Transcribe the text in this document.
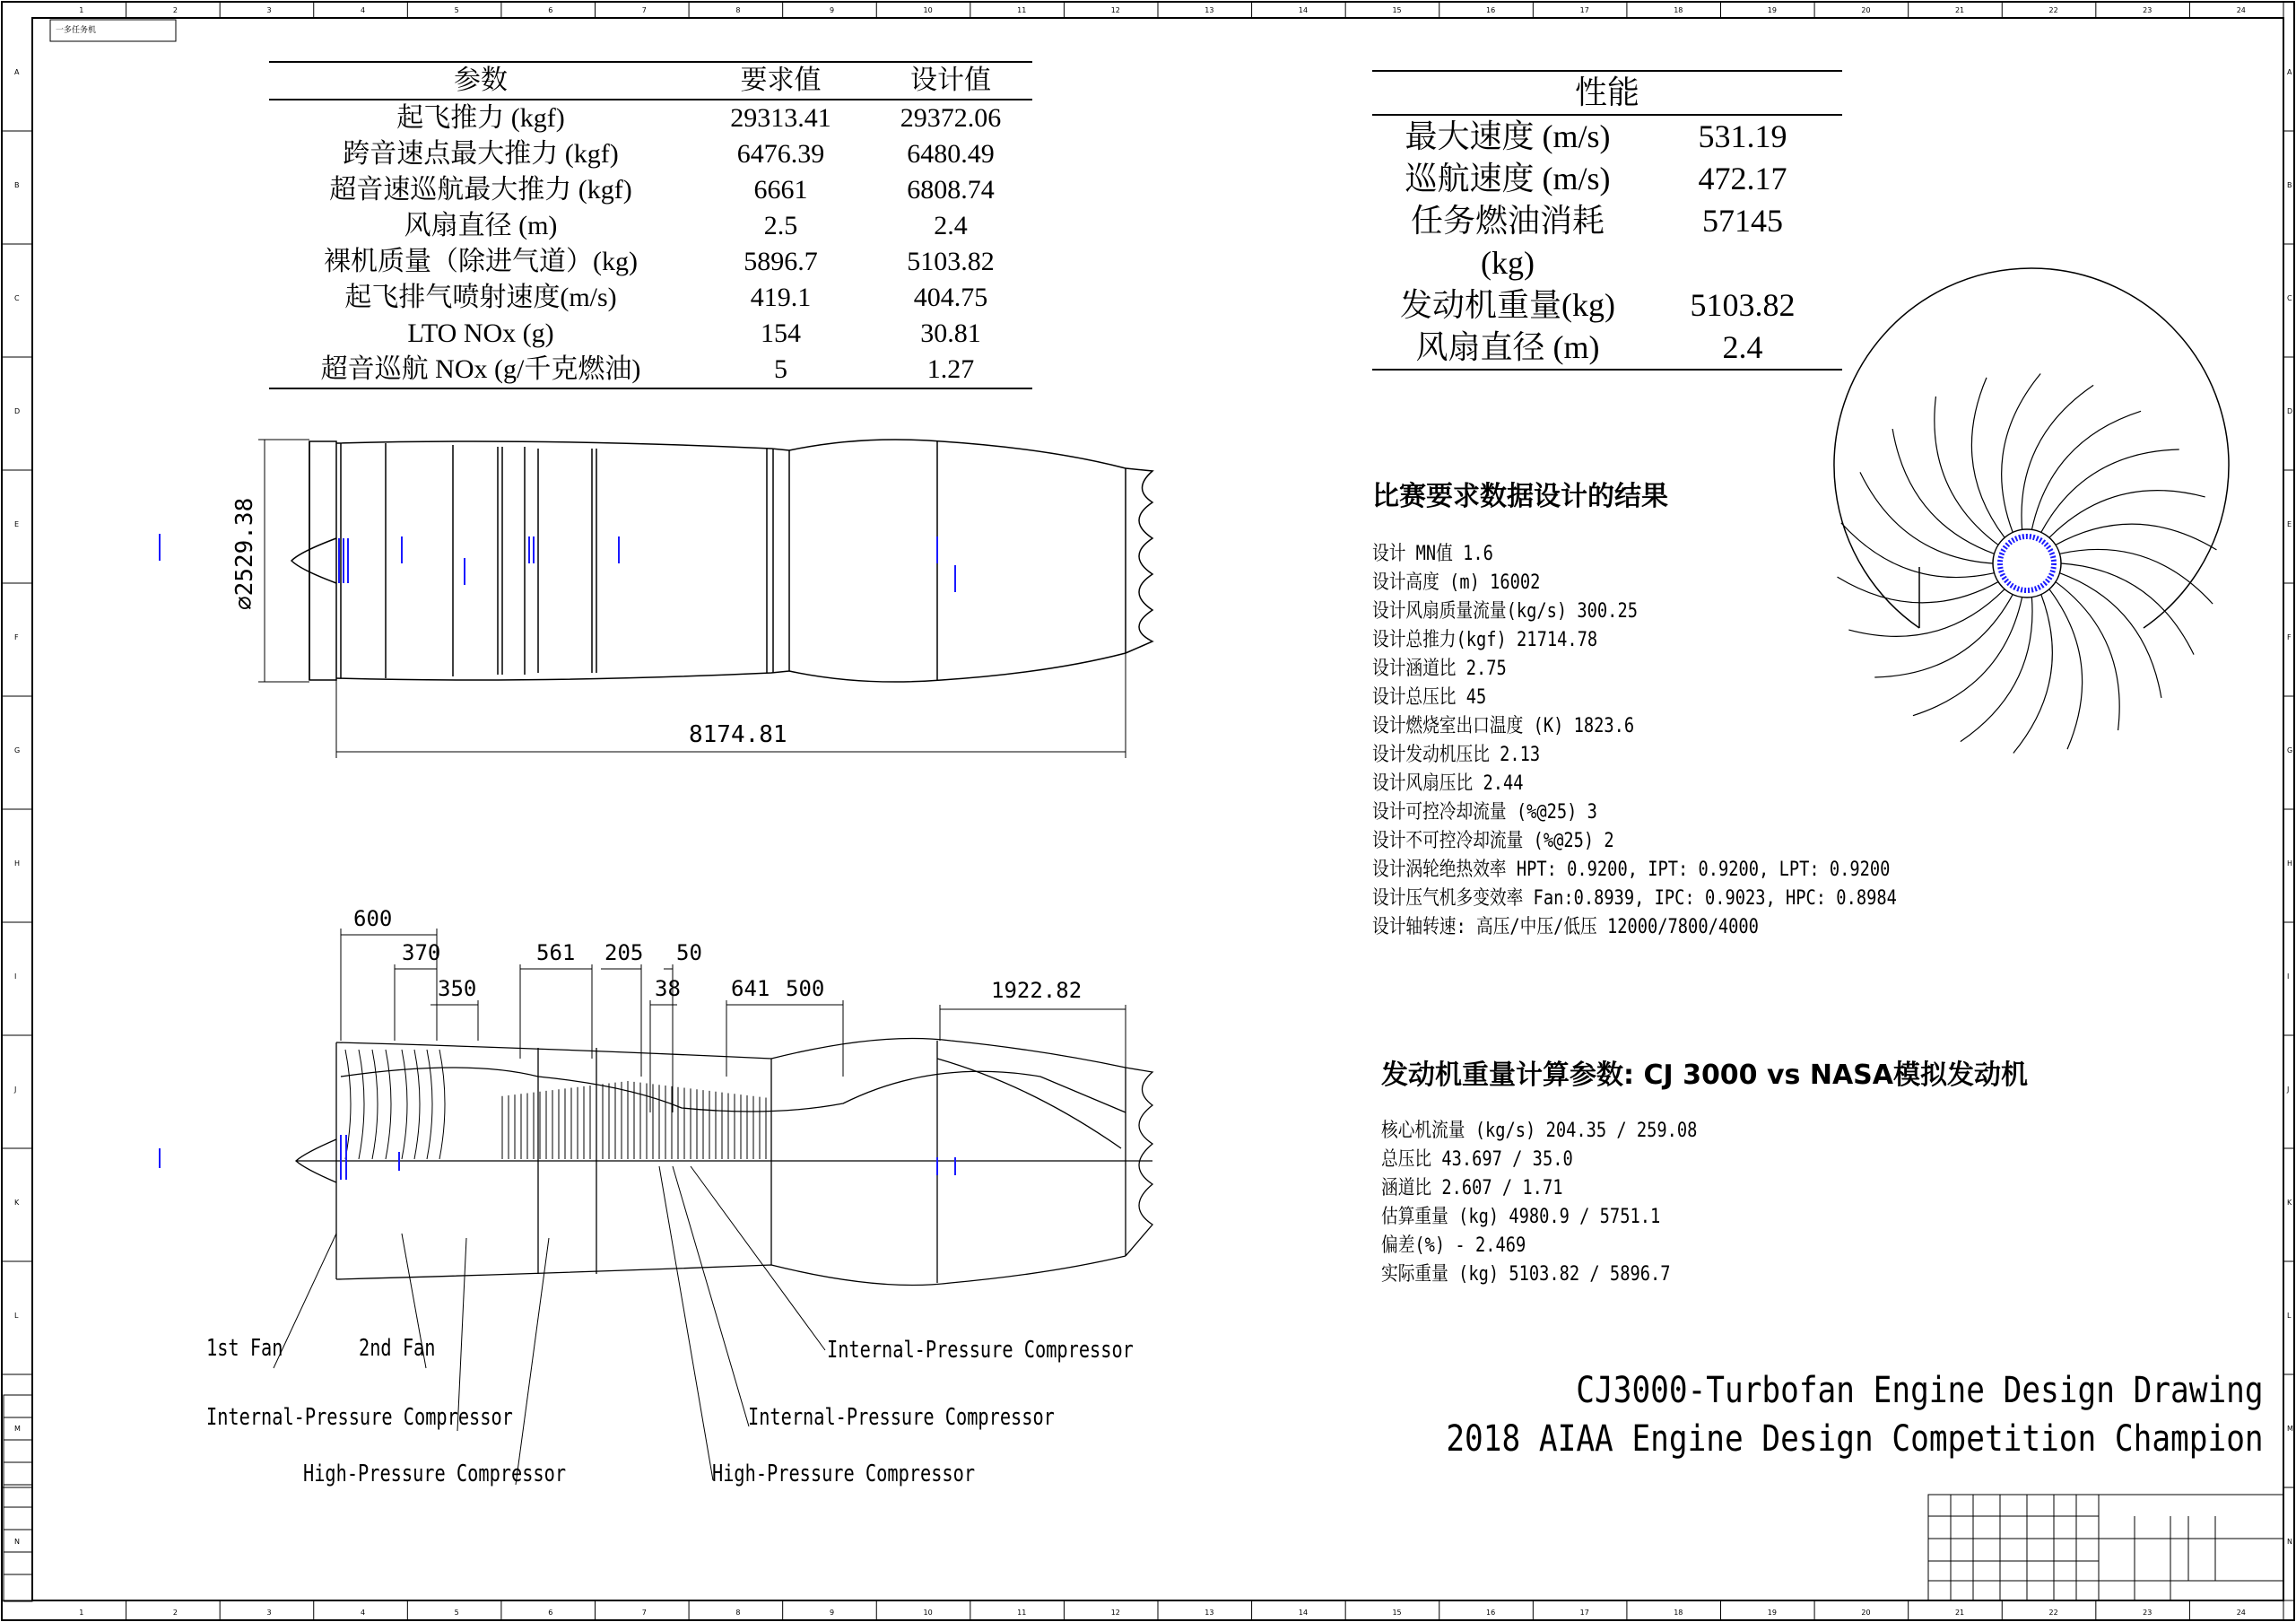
1
1
2
2
3
3
4
4
5
5
6
6
7
7
8
8
9
9
10
10
11
11
12
12
13
13
14
14
15
15
16
16
17
17
18
18
19
19
20
20
21
21
22
22
23
23
24
24
A	A
B	B
C	C
D	D
E	E
F	F
G	G
H	H
I	I
J	J
K	K
L	L
M	M
N	N
一多任务机
参数	要求值	设计值
起飞推力 (kgf)	29313.41	29372.06
跨音速点最大推力 (kgf)	6476.39	6480.49
超音速巡航最大推力 (kgf)	6661	6808.74
风扇直径 (m)	2.5	2.4
裸机质量（除进气道）(kg)	5896.7	5103.82
起飞排气喷射速度(m/s)	419.1	404.75
LTO NOx (g)	154	30.81
超音巡航 NOx (g/千克燃油)	5	1.27
性能	
最大速度 (m/s)	531.19
巡航速度 (m/s)	472.17
任务燃油消耗	57145
(kg)	
发动机重量(kg)	5103.82
风扇直径 (m)	2.4
⌀2529.38
8174.81
比赛要求数据设计的结果
设计 MN值 1.6
设计高度 (m) 16002
设计风扇质量流量(kg/s) 300.25
设计总推力(kgf) 21714.78
设计涵道比 2.75
设计总压比 45
设计燃烧室出口温度 (K) 1823.6
设计发动机压比 2.13
设计风扇压比 2.44
设计可控冷却流量 (%@25) 3
设计不可控冷却流量 (%@25) 2
设计涡轮绝热效率 HPT: 0.9200, IPT: 0.9200, LPT: 0.9200
设计压气机多变效率 Fan:0.8939, IPC: 0.9023, HPC: 0.8984
设计轴转速: 高压/中压/低压 12000/7800/4000
发动机重量计算参数: CJ 3000 vs NASA模拟发动机
核心机流量 (kg/s) 204.35 / 259.08
总压比 43.697 / 35.0
涵道比 2.607 / 1.71
估算重量 (kg) 4980.9 / 5751.1
偏差(%) - 2.469
实际重量 (kg) 5103.82 / 5896.7
600
370
350
561 205 50
38 641 500	1922.82
1st Fan	2nd Fan
Internal-Pressure Compressor
High-Pressure Compressor
Internal-Pressure Compressor
Internal-Pressure Compressor
High-Pressure Compressor
CJ3000-Turbofan Engine Design Drawing
2018 AIAA Engine Design Competition Champion
